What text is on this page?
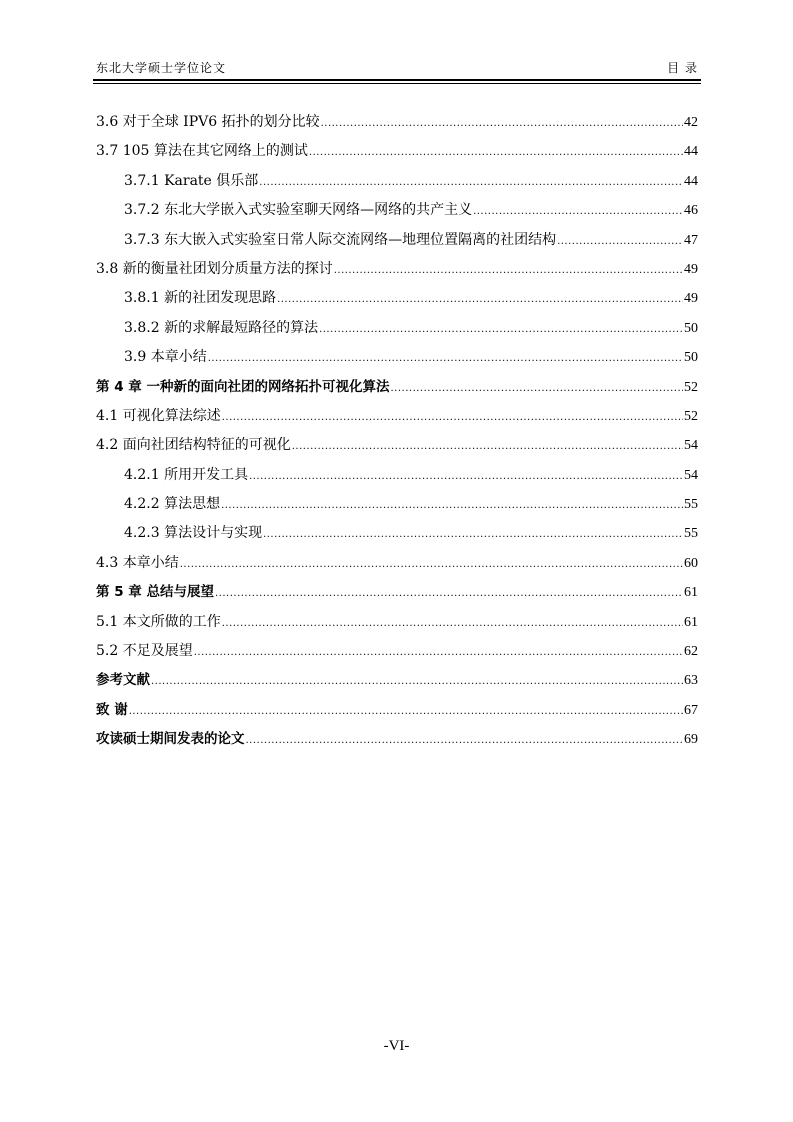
东北大学硕士学位论文	目 录
3.6 对于全球 IPV6 拓扑的划分比较 .....	42
3.7 105 算法在其它网络上的测试 .....	44
3.7.1 Karate 俱乐部 .....	44
3.7.2 东北大学嵌入式实验室聊天网络—网络的共产主义 .....	46
3.7.3 东大嵌入式实验室日常人际交流网络—地理位置隔离的社团结构 .....	47
3.8 新的衡量社团划分质量方法的探讨 .....	49
3.8.1 新的社团发现思路 .....	49
3.8.2 新的求解最短路径的算法 .....	50
3.9 本章小结 .....	50
第 4 章 一种新的面向社团的网络拓扑可视化算法 .....	52
4.1 可视化算法综述 .....	52
4.2 面向社团结构特征的可视化 .....	54
4.2.1 所用开发工具 .....	54
4.2.2 算法思想 .....	55
4.2.3 算法设计与实现 .....	55
4.3 本章小结 .....	60
第 5 章 总结与展望 .....	61
5.1 本文所做的工作 .....	61
5.2 不足及展望 .....	62
参考文献 .....	63
致 谢 .....	67
攻读硕士期间发表的论文 .....	69
-VI-
